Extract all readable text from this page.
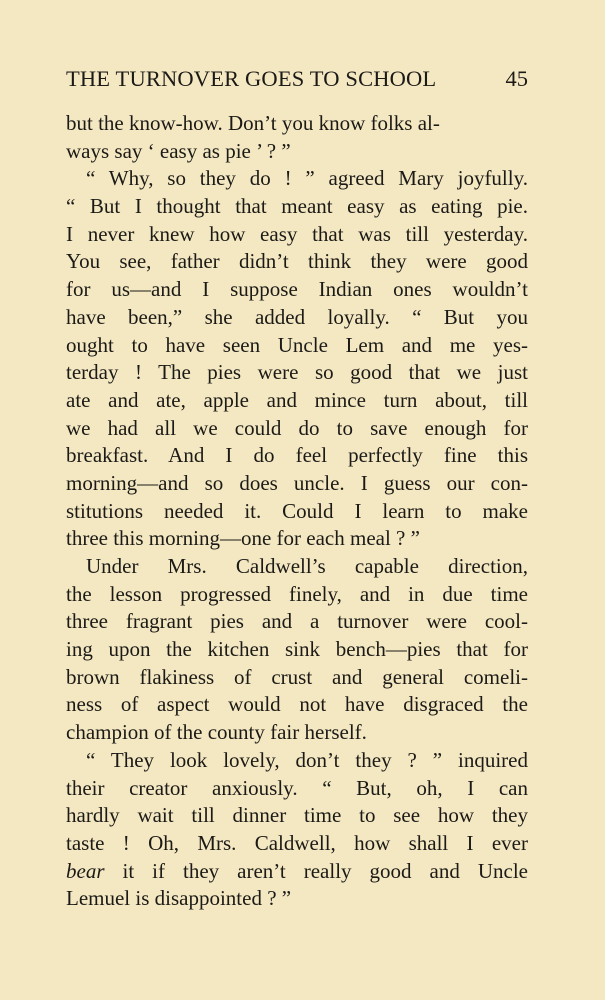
THE TURNOVER GOES TO SCHOOL	45
but the know-how. Don’t you know folks al-
ways say ‘ easy as pie ’ ? ”
“ Why, so they do ! ” agreed Mary joyfully.
“ But I thought that meant easy as eating pie.
I never knew how easy that was till yesterday.
You see, father didn’t think they were good
for us—and I suppose Indian ones wouldn’t
have been,” she added loyally. “ But you
ought to have seen Uncle Lem and me yes-
terday ! The pies were so good that we just
ate and ate, apple and mince turn about, till
we had all we could do to save enough for
breakfast. And I do feel perfectly fine this
morning—and so does uncle. I guess our con-
stitutions needed it. Could I learn to make
three this morning—one for each meal ? ”
Under Mrs. Caldwell’s capable direction,
the lesson progressed finely, and in due time
three fragrant pies and a turnover were cool-
ing upon the kitchen sink bench—pies that for
brown flakiness of crust and general comeli-
ness of aspect would not have disgraced the
champion of the county fair herself.
“ They look lovely, don’t they ? ” inquired
their creator anxiously. “ But, oh, I can
hardly wait till dinner time to see how they
taste ! Oh, Mrs. Caldwell, how shall I ever
bear it if they aren’t really good and Uncle
Lemuel is disappointed ? ”
